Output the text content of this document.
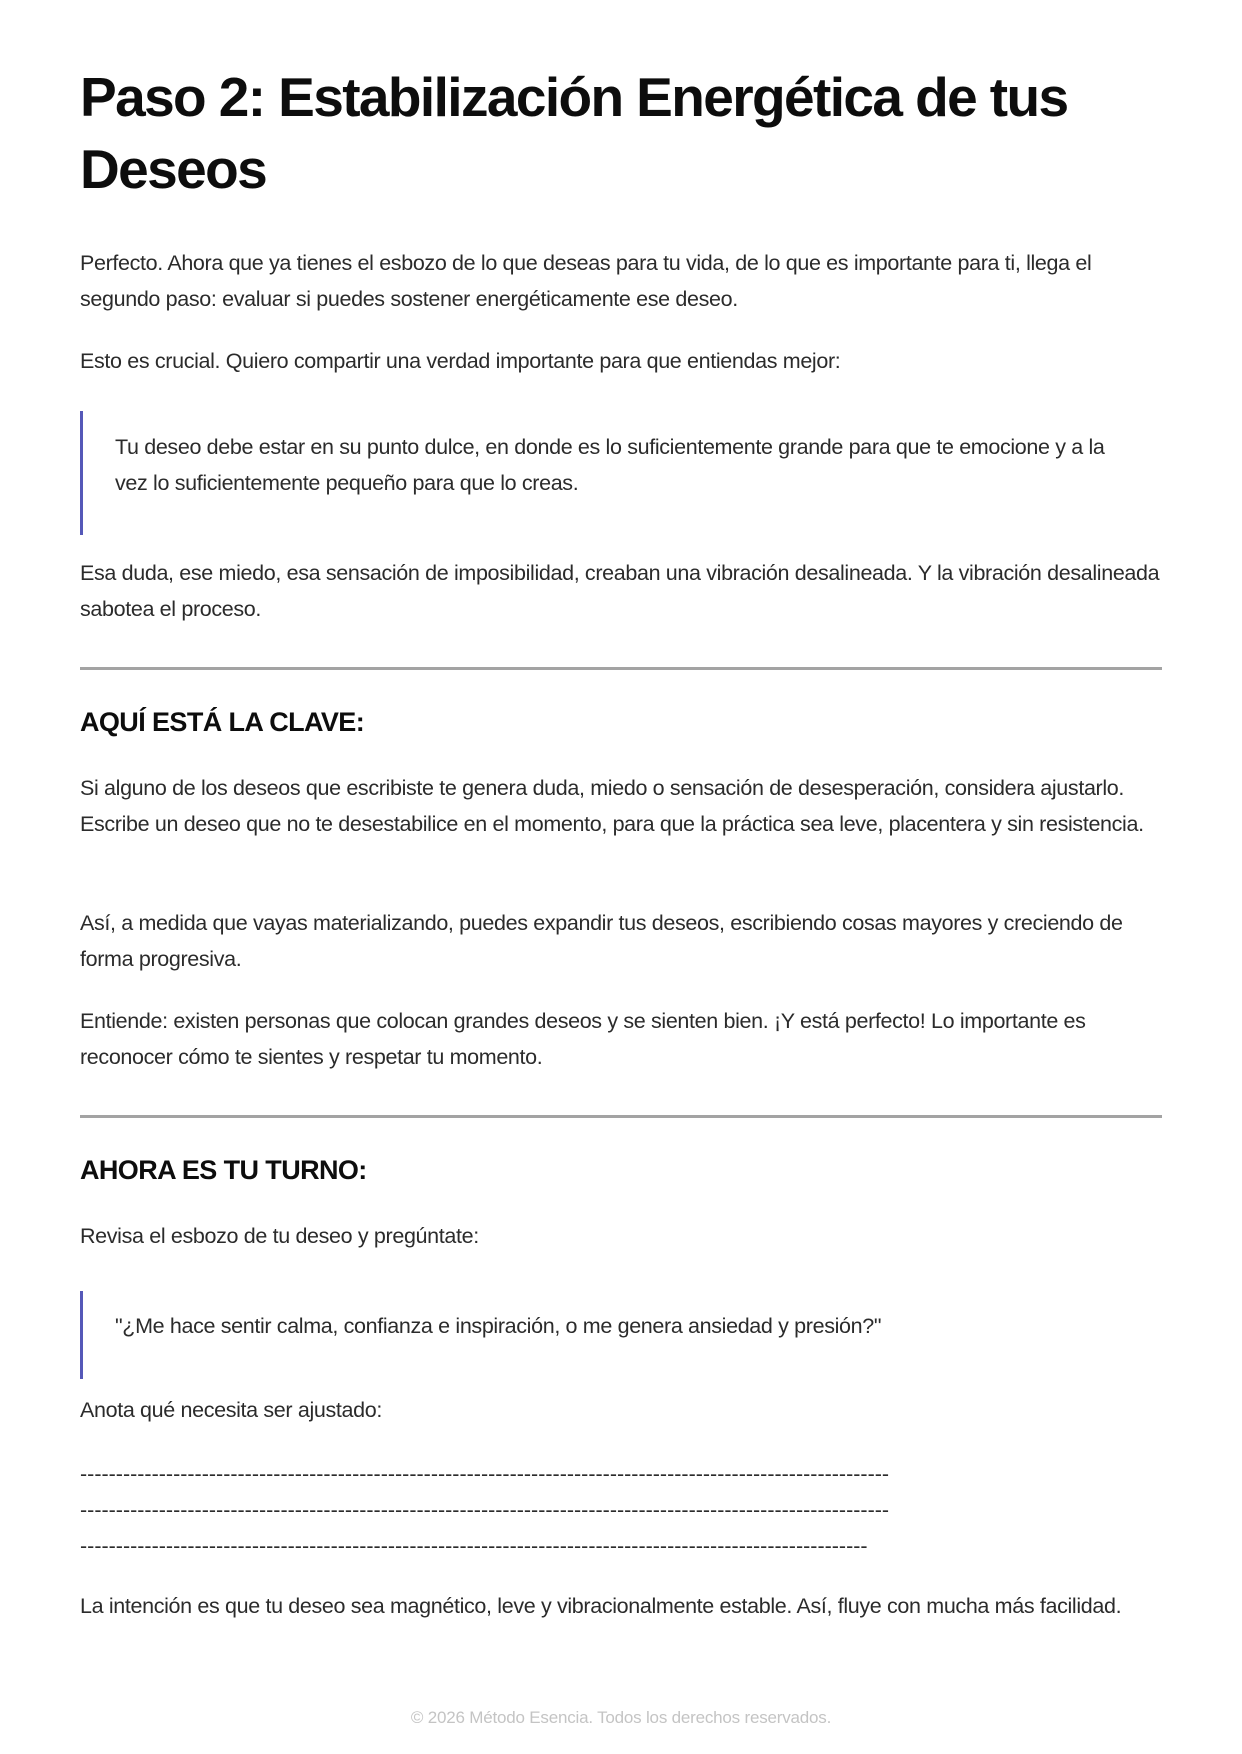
Paso 2: Estabilización Energética de tus Deseos

Perfecto. Ahora que ya tienes el esbozo de lo que deseas para tu vida, de lo que es importante para ti, llega el segundo paso: evaluar si puedes sostener energéticamente ese deseo.

Esto es crucial. Quiero compartir una verdad importante para que entiendas mejor:

Tu deseo debe estar en su punto dulce, en donde es lo suficientemente grande para que te emocione y a la vez lo suficientemente pequeño para que lo creas.

Esa duda, ese miedo, esa sensación de imposibilidad, creaban una vibración desalineada. Y la vibración desalineada sabotea el proceso.

AQUÍ ESTÁ LA CLAVE:

Si alguno de los deseos que escribiste te genera duda, miedo o sensación de desesperación, considera ajustarlo. Escribe un deseo que no te desestabilice en el momento, para que la práctica sea leve, placentera y sin resistencia.

Así, a medida que vayas materializando, puedes expandir tus deseos, escribiendo cosas mayores y creciendo de forma progresiva.

Entiende: existen personas que colocan grandes deseos y se sienten bien. ¡Y está perfecto! Lo importante es reconocer cómo te sientes y respetar tu momento.

AHORA ES TU TURNO:

Revisa el esbozo de tu deseo y pregúntate:

"¿Me hace sentir calma, confianza e inspiración, o me genera ansiedad y presión?"

Anota qué necesita ser ajustado:

-----------------------------------------------------------------------------------------------------------------

-----------------------------------------------------------------------------------------------------------------

--------------------------------------------------------------------------------------------------------------

La intención es que tu deseo sea magnético, leve y vibracionalmente estable. Así, fluye con mucha más facilidad.

© 2026 Método Esencia. Todos los derechos reservados.
